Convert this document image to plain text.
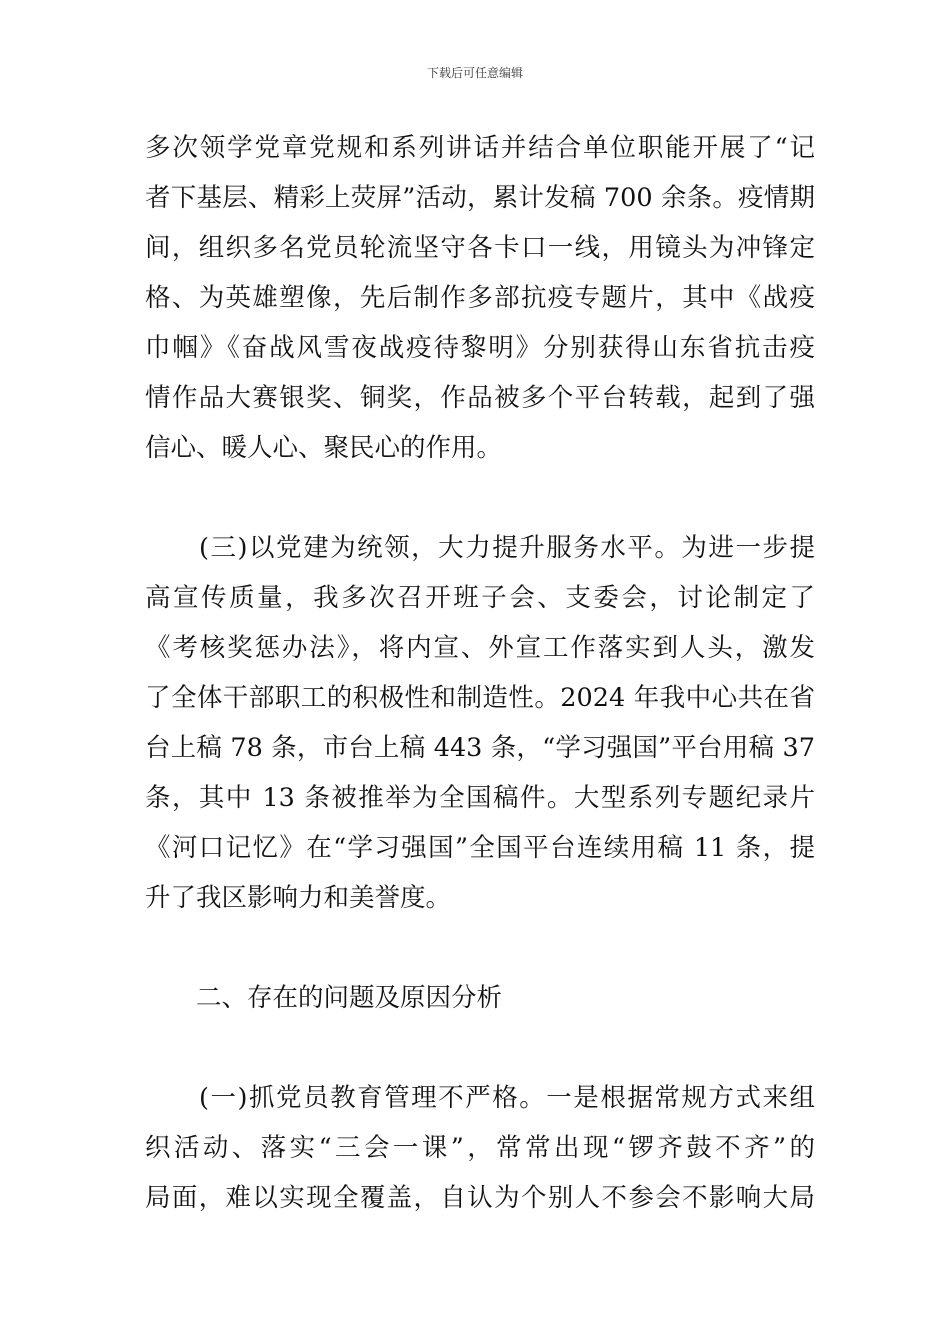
下载后可任意编辑
多次领学党章党规和系列讲话并结合单位职能开展了“记
者下基层、精彩上荧屏”活动，累计发稿 700 余条。疫情期
间，组织多名党员轮流坚守各卡口一线，用镜头为冲锋定
格、为英雄塑像，先后制作多部抗疫专题片，其中《战疫
巾帼》《奋战风雪夜战疫待黎明》分别获得山东省抗击疫
情作品大赛银奖、铜奖，作品被多个平台转载，起到了强
信心、暖人心、聚民心的作用。
　　(三)以党建为统领，大力提升服务水平。为进一步提
高宣传质量，我多次召开班子会、支委会，讨论制定了
《考核奖惩办法》，将内宣、外宣工作落实到人头，激发
了全体干部职工的积极性和制造性。2024 年我中心共在省
台上稿 78 条，市台上稿 443 条，“学习强国”平台用稿 37
条，其中 13 条被推举为全国稿件。大型系列专题纪录片
《河口记忆》在“学习强国”全国平台连续用稿 11 条，提
升了我区影响力和美誉度。
　　二、存在的问题及原因分析
　　(一)抓党员教育管理不严格。一是根据常规方式来组
织活动、落实“三会一课”，常常出现“锣齐鼓不齐”的
局面，难以实现全覆盖，自认为个别人不参会不影响大局
